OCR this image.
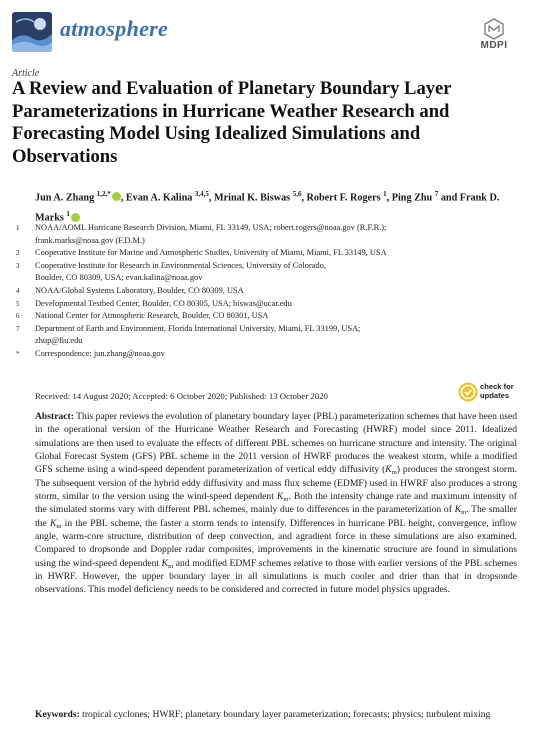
atmosphere
MDPI
Article
A Review and Evaluation of Planetary Boundary Layer Parameterizations in Hurricane Weather Research and Forecasting Model Using Idealized Simulations and Observations
Jun A. Zhang $^{1,2,*}$ , Evan A. Kalina $^{3,4,5}$, Mrinal K. Biswas $^{5,6}$, Robert F. Rogers $^1$, Ping Zhu $^7$ and Frank D. Marks $^1$
1	NOAA/AOML Hurricane Research Division, Miami, FL 33149, USA; robert.rogers@noaa.gov (R.F.R.);
frank.marks@noaa.gov (F.D.M.)
2	Cooperative Institute for Marine and Atmospheric Studies, University of Miami, Miami, FL 33149, USA
3	Cooperative Institute for Research in Environmental Sciences, University of Colorado,
Boulder, CO 80309, USA; evan.kalina@noaa.gov
4	NOAA/Global Systems Laboratory, Boulder, CO 80309, USA
5	Developmental Testbed Center, Boulder, CO 80305, USA; biswas@ucar.edu
6	National Center for Atmospheric Research, Boulder, CO 80301, USA
7	Department of Earth and Environment, Florida International University, Miami, FL 33199, USA;
zhup@fiu.edu
*	Correspondence: jun.zhang@noaa.gov
Received: 14 August 2020; Accepted: 6 October 2020; Published: 13 October 2020
check for
updates
Abstract: This paper reviews the evolution of planetary boundary layer (PBL) parameterization schemes that have been used in the operational version of the Hurricane Weather Research and Forecasting (HWRF) model since 2011. Idealized simulations are then used to evaluate the effects of different PBL schemes on hurricane structure and intensity. The original Global Forecast System (GFS) PBL scheme in the 2011 version of HWRF produces the weakest storm, while a modified GFS scheme using a wind-speed dependent parameterization of vertical eddy diffusivity $(K_m)$ produces the strongest storm. The subsequent version of the hybrid eddy diffusivity and mass flux scheme (EDMF) used in HWRF also produces a strong storm, similar to the version using the wind-speed dependent $K_m$. Both the intensity change rate and maximum intensity of the simulated storms vary with different PBL schemes, mainly due to differences in the parameterization of $K_m$. The smaller the $K_m$ in the PBL scheme, the faster a storm tends to intensify. Differences in hurricane PBL height, convergence, inflow angle, warm-core structure, distribution of deep convection, and agradient force in these simulations are also examined. Compared to dropsonde and Doppler radar composites, improvements in the kinematic structure are found in simulations using the wind-speed dependent $K_m$ and modified EDMF schemes relative to those with earlier versions of the PBL schemes in HWRF. However, the upper boundary layer in all simulations is much cooler and drier than that in dropsonde observations. This model deficiency needs to be considered and corrected in future model physics upgrades.
Keywords: tropical cyclones; HWRF; planetary boundary layer parameterization; forecasts; physics; turbulent mixing
